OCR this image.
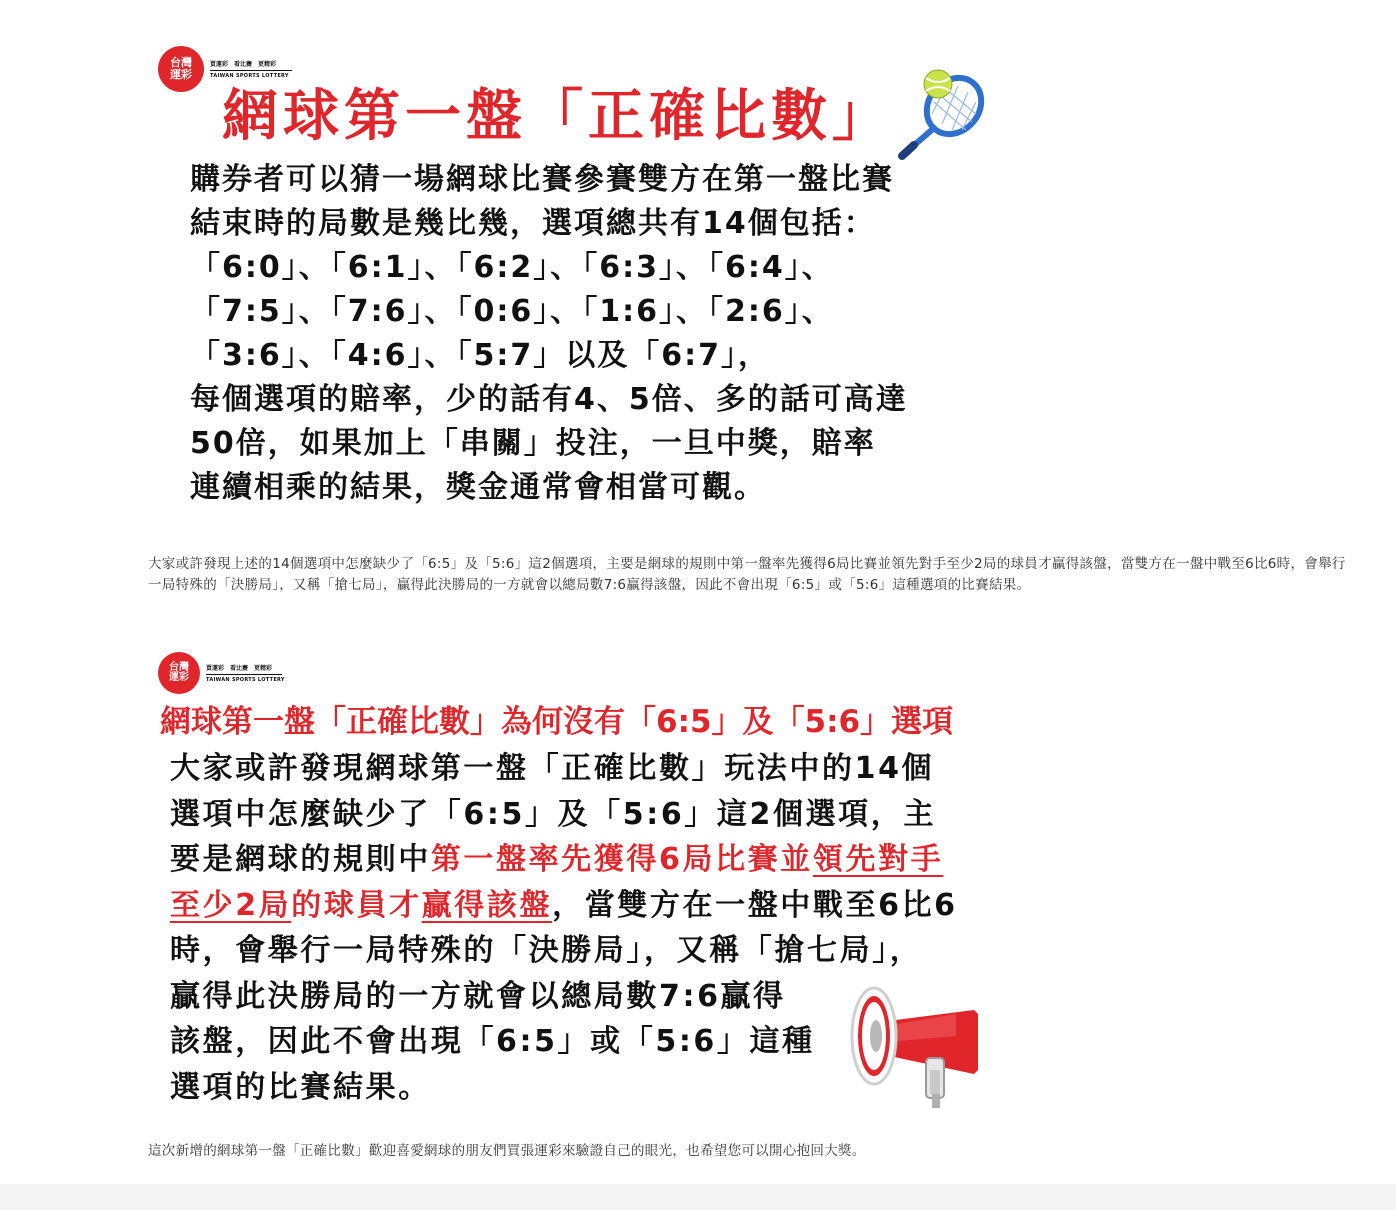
台灣
運彩
買運彩　看比賽　更精彩
TAIWAN SPORTS LOTTERY
網球第一盤「正確比數」
購券者可以猜一場網球比賽參賽雙方在第一盤比賽
結束時的局數是幾比幾，選項總共有14個包括：
「6:0」、「6:1」、「6:2」、「6:3」、「6:4」、
「7:5」、「7:6」、「0:6」、「1:6」、「2:6」、
「3:6」、「4:6」、「5:7」以及「6:7」，
每個選項的賠率，少的話有4、5倍、多的話可高達
50倍，如果加上「串關」投注，一旦中獎，賠率
連續相乘的結果，獎金通常會相當可觀。
大家或許發現上述的14個選項中怎麼缺少了「6:5」及「5:6」這2個選項，主要是網球的規則中第一盤率先獲得6局比賽並領先對手至少2局的球員才贏得該盤，當雙方在一盤中戰至6比6時，會舉行一局特殊的「決勝局」，又稱「搶七局」，贏得此決勝局的一方就會以總局數7:6贏得該盤，因此不會出現「6:5」或「5:6」這種選項的比賽結果。
台灣
運彩
買運彩　看比賽　更精彩
TAIWAN SPORTS LOTTERY
網球第一盤「正確比數」為何沒有「6:5」及「5:6」選項
大家或許發現網球第一盤「正確比數」玩法中的14個
選項中怎麼缺少了「6:5」及「5:6」這2個選項，主
要是網球的規則中第一盤率先獲得6局比賽並領先對手
至少2局的球員才贏得該盤，當雙方在一盤中戰至6比6
時，會舉行一局特殊的「決勝局」，又稱「搶七局」，
贏得此決勝局的一方就會以總局數7:6贏得
該盤，因此不會出現「6:5」或「5:6」這種
選項的比賽結果。
這次新增的網球第一盤「正確比數」歡迎喜愛網球的朋友們買張運彩來驗證自己的眼光，也希望您可以開心抱回大獎。
